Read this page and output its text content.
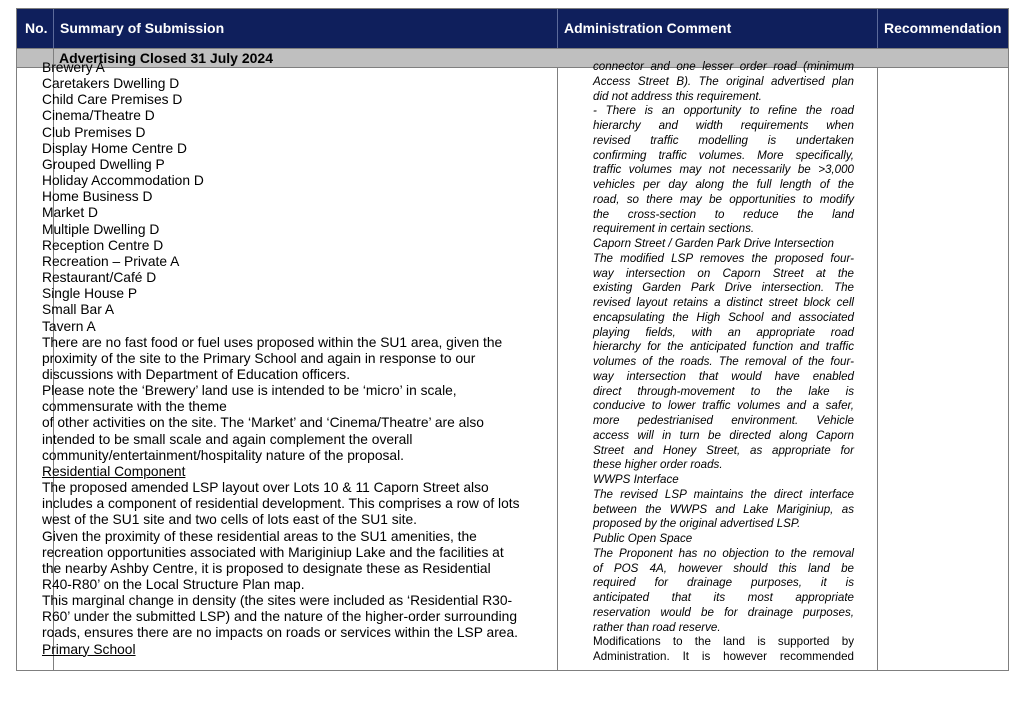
No. Summary of Submission	Administration Comment	Recommendation
Advertising Closed 31 July 2024
Brewery A
Caretakers Dwelling D
Child Care Premises D
Cinema/Theatre D
Club Premises D
Display Home Centre D
Grouped Dwelling P
Holiday Accommodation D
Home Business D
Market D
Multiple Dwelling D
Reception Centre D
Recreation – Private A
Restaurant/Café D
Single House P
Small Bar A
Tavern A
There are no fast food or fuel uses proposed within the SU1 area, given the
proximity of the site to the Primary School and again in response to our
discussions with Department of Education officers.
Please note the ‘Brewery’ land use is intended to be ‘micro’ in scale,
commensurate with the theme
of other activities on the site. The ‘Market’ and ‘Cinema/Theatre’ are also
intended to be small scale and again complement the overall
community/entertainment/hospitality nature of the proposal.
Residential Component
The proposed amended LSP layout over Lots 10 & 11 Caporn Street also
includes a component of residential development. This comprises a row of lots
west of the SU1 site and two cells of lots east of the SU1 site.
Given the proximity of these residential areas to the SU1 amenities, the
recreation opportunities associated with Mariginiup Lake and the facilities at
the nearby Ashby Centre, it is proposed to designate these as Residential
R40-R80’ on the Local Structure Plan map.
This marginal change in density (the sites were included as ‘Residential R30-
R60’ under the submitted LSP) and the nature of the higher-order surrounding
roads, ensures there are no impacts on roads or services within the LSP area.
Primary School
connector and one lesser order road (minimum
Access Street B). The original advertised plan
did not address this requirement.
- There is an opportunity to refine the road
hierarchy and width requirements when
revised traffic modelling is undertaken
confirming traffic volumes. More specifically,
traffic volumes may not necessarily be >3,000
vehicles per day along the full length of the
road, so there may be opportunities to modify
the cross-section to reduce the land
requirement in certain sections.
Caporn Street / Garden Park Drive Intersection
The modified LSP removes the proposed four-
way intersection on Caporn Street at the
existing Garden Park Drive intersection. The
revised layout retains a distinct street block cell
encapsulating the High School and associated
playing fields, with an appropriate road
hierarchy for the anticipated function and traffic
volumes of the roads. The removal of the four-
way intersection that would have enabled
direct through-movement to the lake is
conducive to lower traffic volumes and a safer,
more pedestrianised environment. Vehicle
access will in turn be directed along Caporn
Street and Honey Street, as appropriate for
these higher order roads.
WWPS Interface
The revised LSP maintains the direct interface
between the WWPS and Lake Mariginiup, as
proposed by the original advertised LSP.
Public Open Space
The Proponent has no objection to the removal
of POS 4A, however should this land be
required for drainage purposes, it is
anticipated that its most appropriate
reservation would be for drainage purposes,
rather than road reserve.
Modifications to the land is supported by
Administration. It is however recommended
